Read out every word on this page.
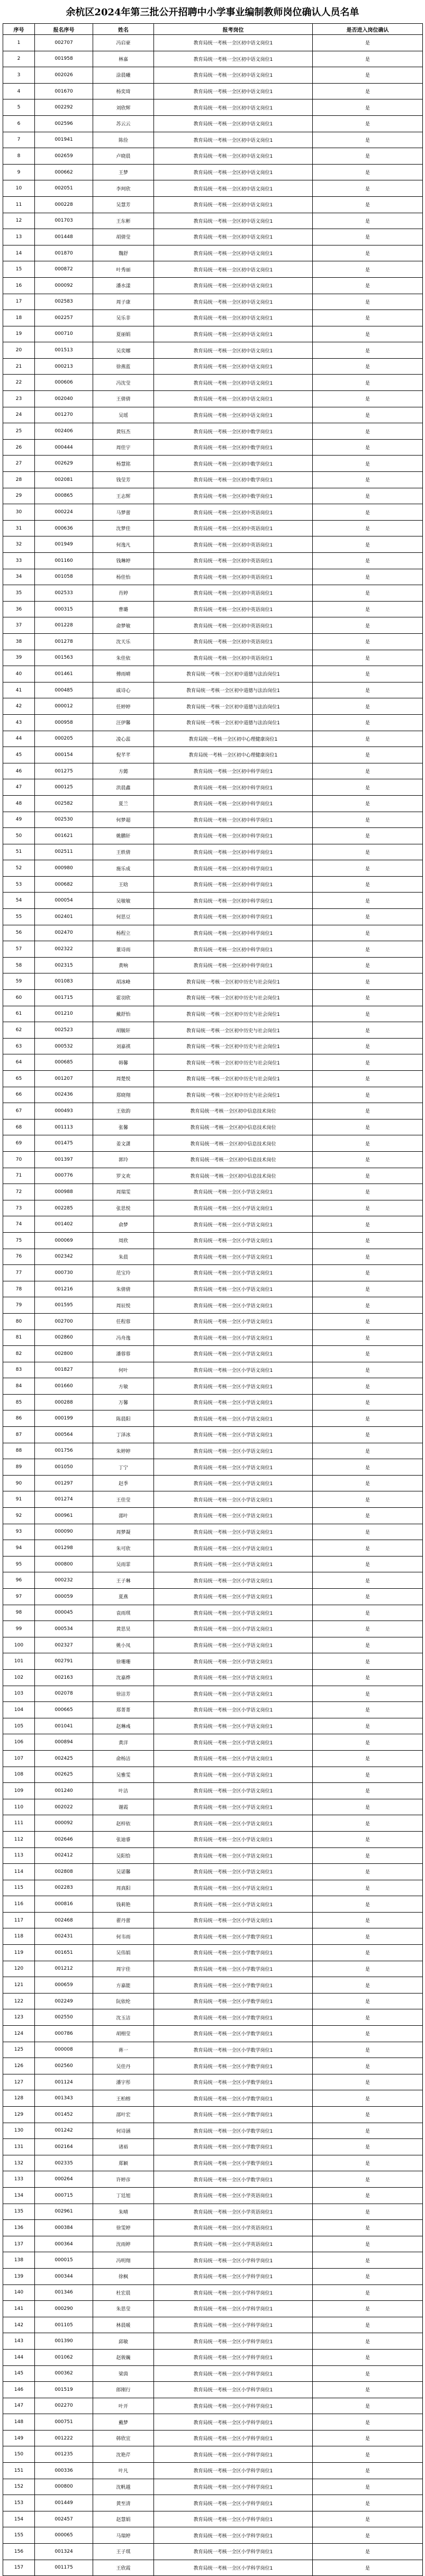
余杭区2024年第三批公开招聘中小学事业编制教师岗位确认人员名单
序号	报名序号	姓名	报考岗位	是否进入岗位确认
1	002707	冯启豪	教育局统一考核一全区初中语文岗位1	是
2	001958	林嘉	教育局统一考核一全区初中语文岗位1	是
3	002026	涂晨曦	教育局统一考核一全区初中语文岗位1	是
4	001670	杨奕琦	教育局统一考核一全区初中语文岗位1	是
5	002292	刘欣辉	教育局统一考核一全区初中语文岗位1	是
6	002596	苏云云	教育局统一考核一全区初中语文岗位1	是
7	001941	陈俭	教育局统一考核一全区初中语文岗位1	是
8	002659	卢晓晨	教育局统一考核一全区初中语文岗位1	是
9	000662	王梦	教育局统一考核一全区初中语文岗位1	是
10	002051	李珂欣	教育局统一考核一全区初中语文岗位1	是
11	000228	吴慧芳	教育局统一考核一全区初中语文岗位1	是
12	001703	王东彬	教育局统一考核一全区初中语文岗位1	是
13	001448	胡倩莹	教育局统一考核一全区初中语文岗位1	是
14	001870	魏舒	教育局统一考核一全区初中语文岗位1	是
15	000872	叶秀丽	教育局统一考核一全区初中语文岗位1	是
16	000092	潘水漾	教育局统一考核一全区初中语文岗位1	是
17	002583	周子康	教育局统一考核一全区初中语文岗位1	是
18	002257	吴乐非	教育局统一考核一全区初中语文岗位1	是
19	000710	夏丽娟	教育局统一考核一全区初中语文岗位1	是
20	001513	吴奕娜	教育局统一考核一全区初中语文岗位1	是
21	000213	徐燕蓝	教育局统一考核一全区初中语文岗位1	是
22	000606	冯沈莹	教育局统一考核一全区初中语文岗位1	是
23	002040	王倩倩	教育局统一考核一全区初中语文岗位1	是
24	001270	吴瑶	教育局统一考核一全区初中语文岗位1	是
25	002406	黄钰杰	教育局统一考核一全区初中数学岗位1	是
26	000444	周佳宇	教育局统一考核一全区初中数学岗位1	是
27	002629	杨慧铭	教育局统一考核一全区初中数学岗位1	是
28	002081	钱莹芳	教育局统一考核一全区初中数学岗位1	是
29	000865	王志辉	教育局统一考核一全区初中数学岗位1	是
30	000224	马梦蕾	教育局统一考核一全区初中英语岗位1	是
31	000636	沈梦佳	教育局统一考核一全区初中英语岗位1	是
32	001949	何逸凡	教育局统一考核一全区初中英语岗位1	是
33	001160	钱琳婷	教育局统一考核一全区初中英语岗位1	是
34	001058	杨佳怡	教育局统一考核一全区初中英语岗位1	是
35	002533	肖婷	教育局统一考核一全区初中英语岗位1	是
36	000315	曹璐	教育局统一考核一全区初中英语岗位1	是
37	001228	俞梦敏	教育局统一考核一全区初中英语岗位1	是
38	001278	沈天乐	教育局统一考核一全区初中英语岗位1	是
39	001563	朱佳依	教育局统一考核一全区初中英语岗位1	是
40	001461	傅雨晴	教育局统一考核一全区初中道德与法治岗位1	是
41	000485	戚诗心	教育局统一考核一全区初中道德与法治岗位1	是
42	000012	任婷婷	教育局统一考核一全区初中道德与法治岗位1	是
43	000958	汪伊馨	教育局统一考核一全区初中道德与法治岗位1	是
44	000205	凌心蕊	教育局统一考核一全区初中心理健康岗位1	是
45	000154	倪芊芊	教育局统一考核一全区初中心理健康岗位1	是
46	001275	方懿	教育局统一考核一全区初中科学岗位1	是
47	000125	洪晨鑫	教育局统一考核一全区初中科学岗位1	是
48	002582	夏兰	教育局统一考核一全区初中科学岗位1	是
49	002530	何梦超	教育局统一考核一全区初中科学岗位1	是
50	001621	姚鹏轩	教育局统一考核一全区初中科学岗位1	是
51	002511	王轶倩	教育局统一考核一全区初中科学岗位1	是
52	000980	施乐成	教育局统一考核一全区初中科学岗位1	是
53	000682	王晗	教育局统一考核一全区初中科学岗位1	是
54	000054	吴敏敏	教育局统一考核一全区初中科学岗位1	是
55	002401	何思豆	教育局统一考核一全区初中科学岗位1	是
56	002470	杨程立	教育局统一考核一全区初中科学岗位1	是
57	002322	董诗雨	教育局统一考核一全区初中科学岗位1	是
58	002315	黄响	教育局统一考核一全区初中科学岗位1	是
59	001083	胡冰峰	教育局统一考核一全区初中历史与社会岗位1	是
60	001715	霍羽欣	教育局统一考核一全区初中历史与社会岗位1	是
61	001210	戴舒怡	教育局统一考核一全区初中历史与社会岗位1	是
62	002523	胡毓轩	教育局统一考核一全区初中历史与社会岗位1	是
63	000532	刘嘉祺	教育局统一考核一全区初中历史与社会岗位1	是
64	000685	韩馨	教育局统一考核一全区初中历史与社会岗位1	是
65	001207	周楚悦	教育局统一考核一全区初中历史与社会岗位1	是
66	002436	郑晓翔	教育局统一考核一全区初中历史与社会岗位1	是
67	000493	王依韵	教育局统一考核一全区初中信息技术岗位	是
68	001113	张馨	教育局统一考核一全区初中信息技术岗位	是
69	001475	姜文潇	教育局统一考核一全区初中信息技术岗位	是
70	001397	郭玲	教育局统一考核一全区初中信息技术岗位	是
71	000776	罗文欢	教育局统一考核一全区初中信息技术岗位	是
72	000988	周瑞雯	教育局统一考核一全区小学语文岗位1	是
73	002285	张思悦	教育局统一考核一全区小学语文岗位1	是
74	001402	俞梦	教育局统一考核一全区小学语文岗位1	是
75	000069	周欣	教育局统一考核一全区小学语文岗位1	是
76	002342	朱晨	教育局统一考核一全区小学语文岗位1	是
77	000730	范宝玲	教育局统一考核一全区小学语文岗位1	是
78	001216	朱倩倩	教育局统一考核一全区小学语文岗位1	是
79	001595	周辰悦	教育局统一考核一全区小学语文岗位1	是
80	002700	任程蓉	教育局统一考核一全区小学语文岗位1	是
81	002860	冯舟逸	教育局统一考核一全区小学语文岗位1	是
82	002800	潘蓉蓉	教育局统一考核一全区小学语文岗位1	是
83	001827	何叶	教育局统一考核一全区小学语文岗位1	是
84	001660	方敏	教育局统一考核一全区小学语文岗位1	是
85	000288	万馨	教育局统一考核一全区小学语文岗位1	是
86	000199	陈晨阳	教育局统一考核一全区小学语文岗位1	是
87	000564	丁泽冰	教育局统一考核一全区小学语文岗位1	是
88	001756	朱婷婷	教育局统一考核一全区小学语文岗位1	是
89	001050	丁宁	教育局统一考核一全区小学语文岗位1	是
90	001297	赵季	教育局统一考核一全区小学语文岗位1	是
91	001274	王佳莹	教育局统一考核一全区小学语文岗位1	是
92	000961	邵叶	教育局统一考核一全区小学语文岗位1	是
93	000090	周梦凝	教育局统一考核一全区小学语文岗位1	是
94	001298	朱可欣	教育局统一考核一全区小学语文岗位1	是
95	000800	吴雨霏	教育局统一考核一全区小学语文岗位1	是
96	000232	王子琳	教育局统一考核一全区小学语文岗位1	是
97	000059	夏燕	教育局统一考核一全区小学语文岗位1	是
98	000045	袁雨琪	教育局统一考核一全区小学语文岗位1	是
99	000534	黄思昊	教育局统一考核一全区小学语文岗位1	是
100	002327	姚小凤	教育局统一考核一全区小学语文岗位1	是
101	002791	徐珊珊	教育局统一考核一全区小学语文岗位1	是
102	002163	沈嘉烨	教育局统一考核一全区小学语文岗位1	是
103	002078	徐洁芳	教育局统一考核一全区小学语文岗位1	是
104	000665	郑菁菁	教育局统一考核一全区小学语文岗位1	是
105	001041	赵琳彧	教育局统一考核一全区小学语文岗位1	是
106	000894	黄洋	教育局统一考核一全区小学语文岗位1	是
107	002425	俞杨洁	教育局统一考核一全区小学语文岗位1	是
108	002625	吴雅雯	教育局统一考核一全区小学语文岗位1	是
109	001240	叶洁	教育局统一考核一全区小学语文岗位1	是
110	002022	谢霞	教育局统一考核一全区小学语文岗位1	是
111	000092	赵梓依	教育局统一考核一全区小学语文岗位1	是
112	002646	张迪睿	教育局统一考核一全区小学语文岗位1	是
113	002412	吴阳恰	教育局统一考核一全区小学语文岗位1	是
114	002808	吴诺馨	教育局统一考核一全区小学语文岗位1	是
115	002283	周真阳	教育局统一考核一全区小学语文岗位1	是
116	000816	钱莉艳	教育局统一考核一全区小学语文岗位1	是
117	002468	翟丹蕾	教育局统一考核一全区小学语文岗位1	是
118	002431	何韦雨	教育局统一考核一全区小学数学岗位1	是
119	001651	吴伟娟	教育局统一考核一全区小学数学岗位1	是
120	001212	周宇佳	教育局统一考核一全区小学数学岗位1	是
121	000659	方嘉能	教育局统一考核一全区小学数学岗位1	是
122	002249	阮依纶	教育局统一考核一全区小学数学岗位1	是
123	002550	沈玉洁	教育局统一考核一全区小学数学岗位1	是
124	000786	胡栩莹	教育局统一考核一全区小学数学岗位1	是
125	000008	蒋一	教育局统一考核一全区小学数学岗位1	是
126	002560	吴佳丹	教育局统一考核一全区小学数学岗位1	是
127	001124	潘宇彤	教育局统一考核一全区小学数学岗位1	是
128	001343	王柏榕	教育局统一考核一全区小学数学岗位1	是
129	001452	邵叶宏	教育局统一考核一全区小学数学岗位1	是
130	001242	何诗涵	教育局统一考核一全区小学数学岗位1	是
131	002164	诸裕	教育局统一考核一全区小学数学岗位1	是
132	002335	郑颖	教育局统一考核一全区小学数学岗位1	是
133	000264	许婷彦	教育局统一考核一全区小学数学岗位1	是
134	000715	丁廷旭	教育局统一考核一全区小学英语岗位1	是
135	002961	朱晴	教育局统一考核一全区小学英语岗位1	是
136	000384	徐雯婷	教育局统一考核一全区小学英语岗位1	是
137	000364	沈雨婷	教育局统一考核一全区小学英语岗位1	是
138	000015	冯明翔	教育局统一考核一全区小学科学岗位1	是
139	000344	徐枫	教育局统一考核一全区小学科学岗位1	是
140	001346	杜宏晨	教育局统一考核一全区小学科学岗位1	是
141	000290	朱思莹	教育局统一考核一全区小学科学岗位1	是
142	001105	林晨暖	教育局统一考核一全区小学科学岗位1	是
143	001390	邱敏	教育局统一考核一全区小学科学岗位1	是
144	001062	赵骏巍	教育局统一考核一全区小学科学岗位1	是
145	000362	梁茵	教育局统一考核一全区小学科学岗位1	是
146	001519	郎刚行	教育局统一考核一全区小学科学岗位1	是
147	002270	叶开	教育局统一考核一全区小学科学岗位1	是
148	000751	戴梦	教育局统一考核一全区小学科学岗位1	是
149	001222	韩欣宜	教育局统一考核一全区小学科学岗位1	是
150	001235	沈艳芹	教育局统一考核一全区小学科学岗位1	是
151	000336	叶凡	教育局统一考核一全区小学科学岗位1	是
152	000800	沈帆越	教育局统一考核一全区小学科学岗位1	是
153	001449	黄至清	教育局统一考核一全区小学科学岗位1	是
154	002457	赵慧娟	教育局统一考核一全区小学科学岗位1	是
155	000065	马瑞婷	教育局统一考核一全区小学科学岗位1	是
156	001324	王子琪	教育局统一考核一全区小学科学岗位1	是
157	001175	王欣霞	教育局统一考核一全区小学科学岗位1	是
